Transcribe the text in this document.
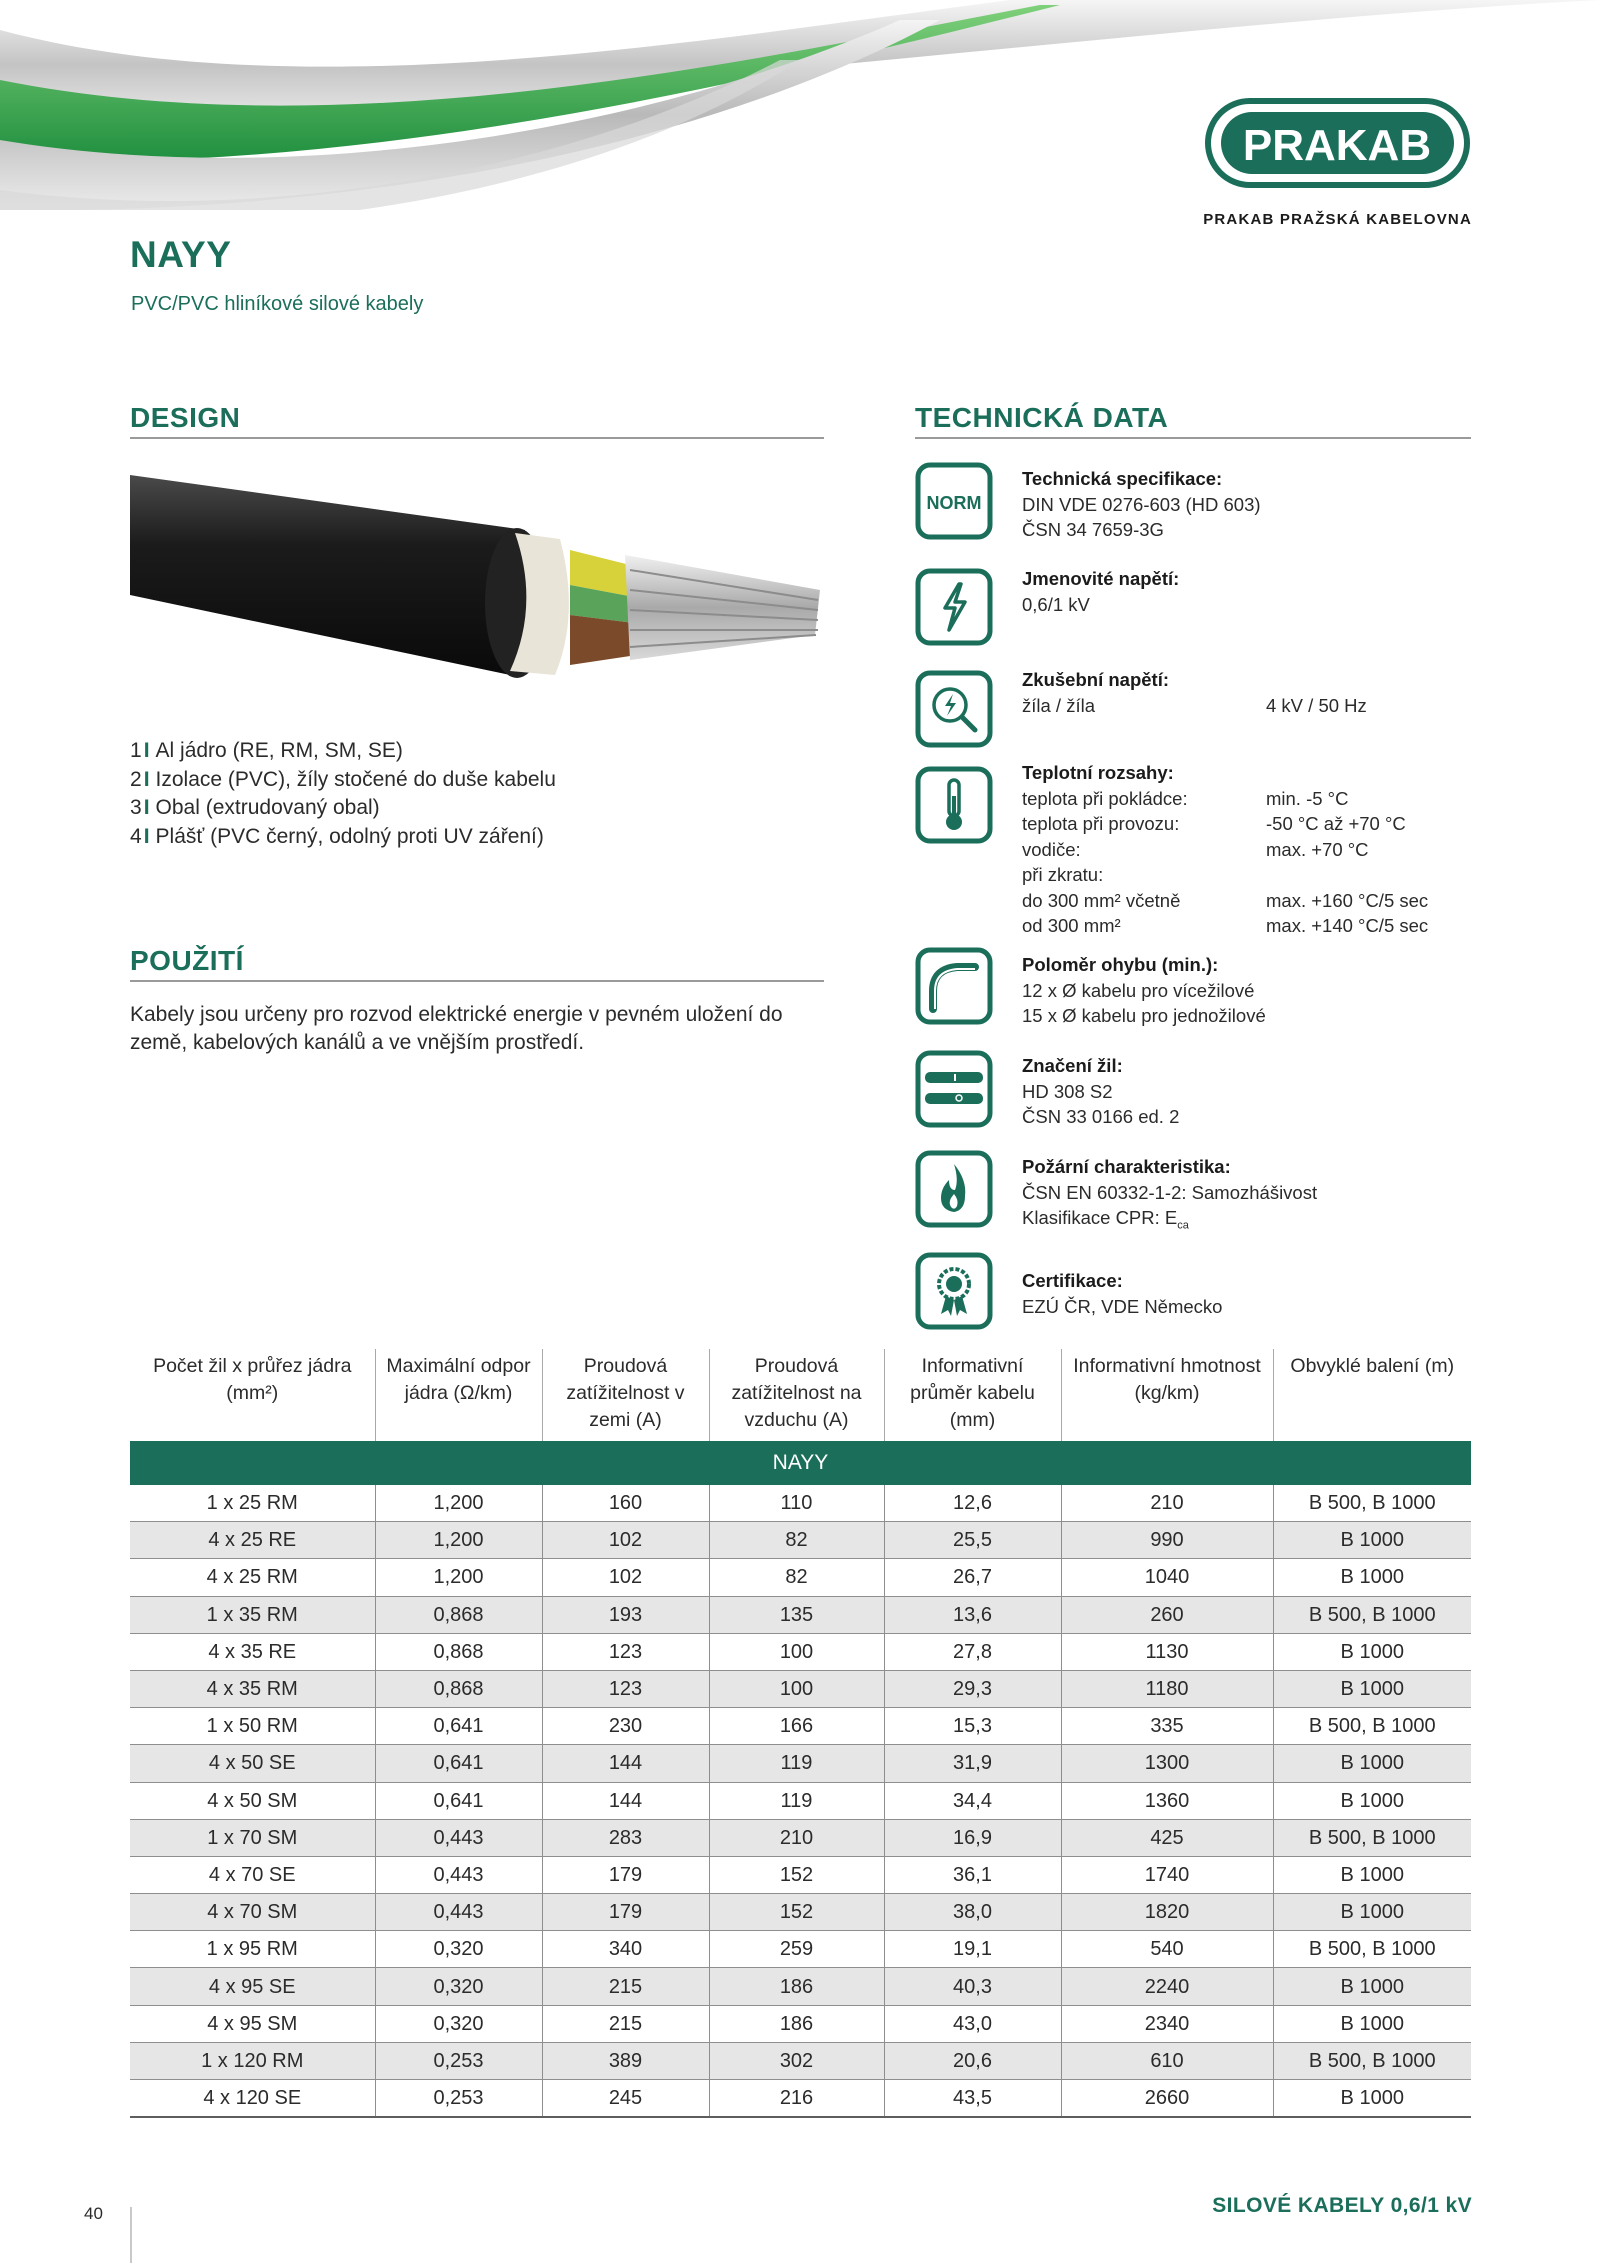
PRAKAB
PRAKAB PRAŽSKÁ KABELOVNA
NAYY
PVC/PVC hliníkové silové kabely
DESIGN
1I Al jádro (RE, RM, SM, SE)
2I Izolace (PVC), žíly stočené do duše kabelu
3I Obal (extrudovaný obal)
4I Plášť (PVC černý, odolný proti UV záření)
POUŽITÍ
Kabely jsou určeny pro rozvod elektrické energie v pevném uložení do země, kabelových kanálů a ve vnějším prostředí.
TECHNICKÁ DATA
NORM
Technická specifikace:
DIN VDE 0276-603 (HD 603)
ČSN 34 7659-3G
Jmenovité napětí:
0,6/1 kV
Zkušební napětí:
žíla / žíla	4 kV / 50 Hz
Teplotní rozsahy:
teplota při pokládce:	min. -5 °C
teplota při provozu:	-50 °C až +70 °C
vodiče:	max. +70 °C
při zkratu:
do 300 mm² včetně	max. +160 °C/5 sec
od 300 mm²	max. +140 °C/5 sec
Poloměr ohybu (min.):
12 x Ø kabelu pro vícežilové
15 x Ø kabelu pro jednožilové
Značení žil:
HD 308 S2
ČSN 33 0166 ed. 2
Požární charakteristika:
ČSN EN 60332-1-2: Samozhášivost
Klasifikace CPR: $E_{ca}$
Certifikace:
EZÚ ČR, VDE Německo
Počet žil x průřez jádra (mm²)	Maximální odpor jádra (Ω/km)	Proudová zatížitelnost v zemi (A)	Proudová zatížitelnost na vzduchu (A)	Informativní průměr kabelu (mm)	Informativní hmotnost (kg/km)	Obvyklé balení (m)
NAYY						
1 x 25 RM	1,200	160	110	12,6	210	B 500, B 1000
4 x 25 RE	1,200	102	82	25,5	990	B 1000
4 x 25 RM	1,200	102	82	26,7	1040	B 1000
1 x 35 RM	0,868	193	135	13,6	260	B 500, B 1000
4 x 35 RE	0,868	123	100	27,8	1130	B 1000
4 x 35 RM	0,868	123	100	29,3	1180	B 1000
1 x 50 RM	0,641	230	166	15,3	335	B 500, B 1000
4 x 50 SE	0,641	144	119	31,9	1300	B 1000
4 x 50 SM	0,641	144	119	34,4	1360	B 1000
1 x 70 SM	0,443	283	210	16,9	425	B 500, B 1000
4 x 70 SE	0,443	179	152	36,1	1740	B 1000
4 x 70 SM	0,443	179	152	38,0	1820	B 1000
1 x 95 RM	0,320	340	259	19,1	540	B 500, B 1000
4 x 95 SE	0,320	215	186	40,3	2240	B 1000
4 x 95 SM	0,320	215	186	43,0	2340	B 1000
1 x 120 RM	0,253	389	302	20,6	610	B 500, B 1000
4 x 120 SE	0,253	245	216	43,5	2660	B 1000
40	SILOVÉ KABELY 0,6/1 kV
